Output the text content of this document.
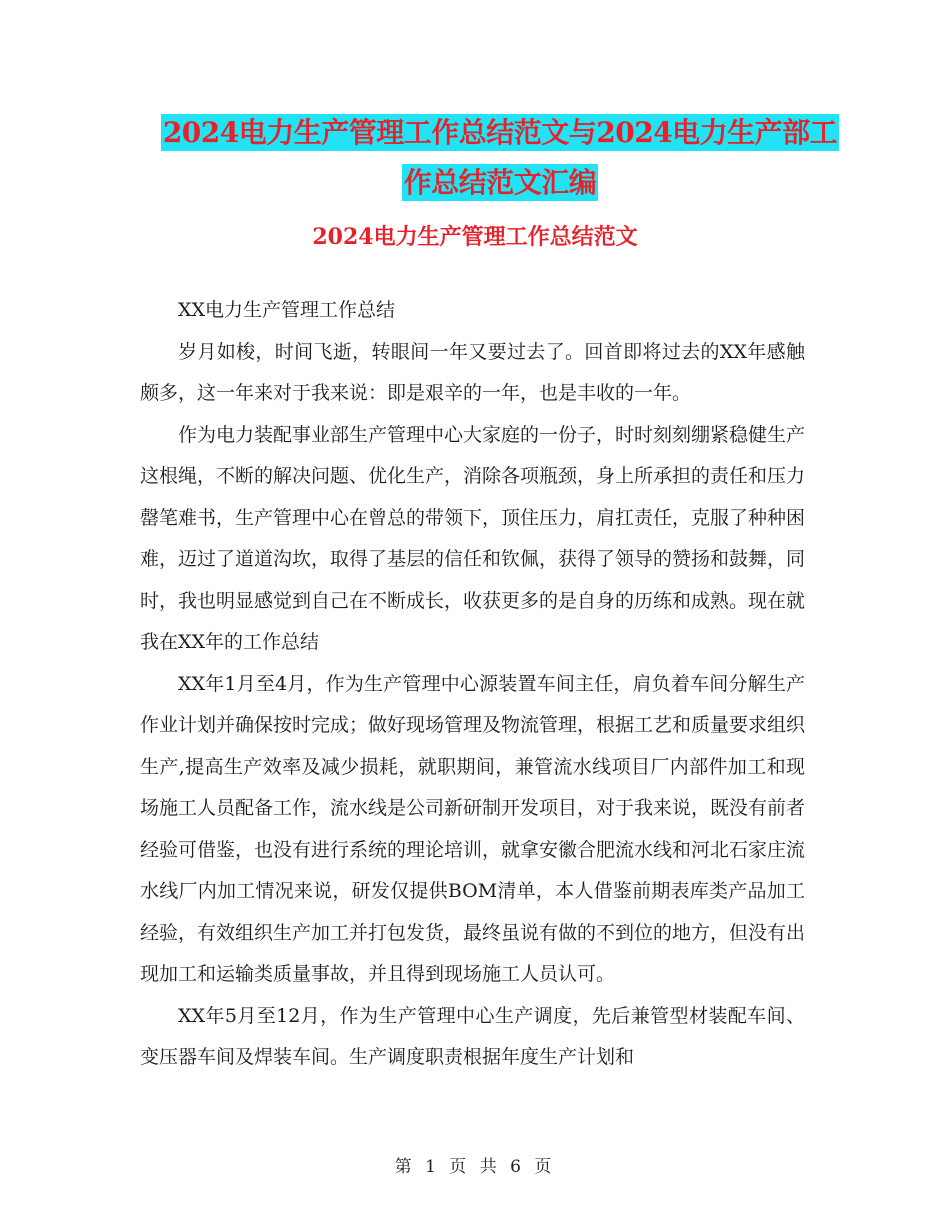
2024电力生产管理工作总结范文与2024电力生产部工
作总结范文汇编
2024电力生产管理工作总结范文

XX电力生产管理工作总结

岁月如梭，时间飞逝，转眼间一年又要过去了。回首即将过去的XX年感触颇多，这一年来对于我来说：即是艰辛的一年，也是丰收的一年。

作为电力装配事业部生产管理中心大家庭的一份子，时时刻刻绷紧稳健生产这根绳，不断的解决问题、优化生产，消除各项瓶颈，身上所承担的责任和压力罄笔难书，生产管理中心在曾总的带领下，顶住压力，肩扛责任，克服了种种困难，迈过了道道沟坎，取得了基层的信任和钦佩，获得了领导的赞扬和鼓舞，同时，我也明显感觉到自己在不断成长，收获更多的是自身的历练和成熟。现在就我在XX年的工作总结

XX年1月至4月，作为生产管理中心源装置车间主任，肩负着车间分解生产作业计划并确保按时完成；做好现场管理及物流管理，根据工艺和质量要求组织生产,提高生产效率及减少损耗，就职期间，兼管流水线项目厂内部件加工和现场施工人员配备工作，流水线是公司新研制开发项目，对于我来说，既没有前者经验可借鉴，也没有进行系统的理论培训，就拿安徽合肥流水线和河北石家庄流水线厂内加工情况来说，研发仅提供BOM清单，本人借鉴前期表库类产品加工经验，有效组织生产加工并打包发货，最终虽说有做的不到位的地方，但没有出现加工和运输类质量事故，并且得到现场施工人员认可。

XX年5月至12月，作为生产管理中心生产调度，先后兼管型材装配车间、变压器车间及焊装车间。生产调度职责根据年度生产计划和

第 1 页 共 6 页
